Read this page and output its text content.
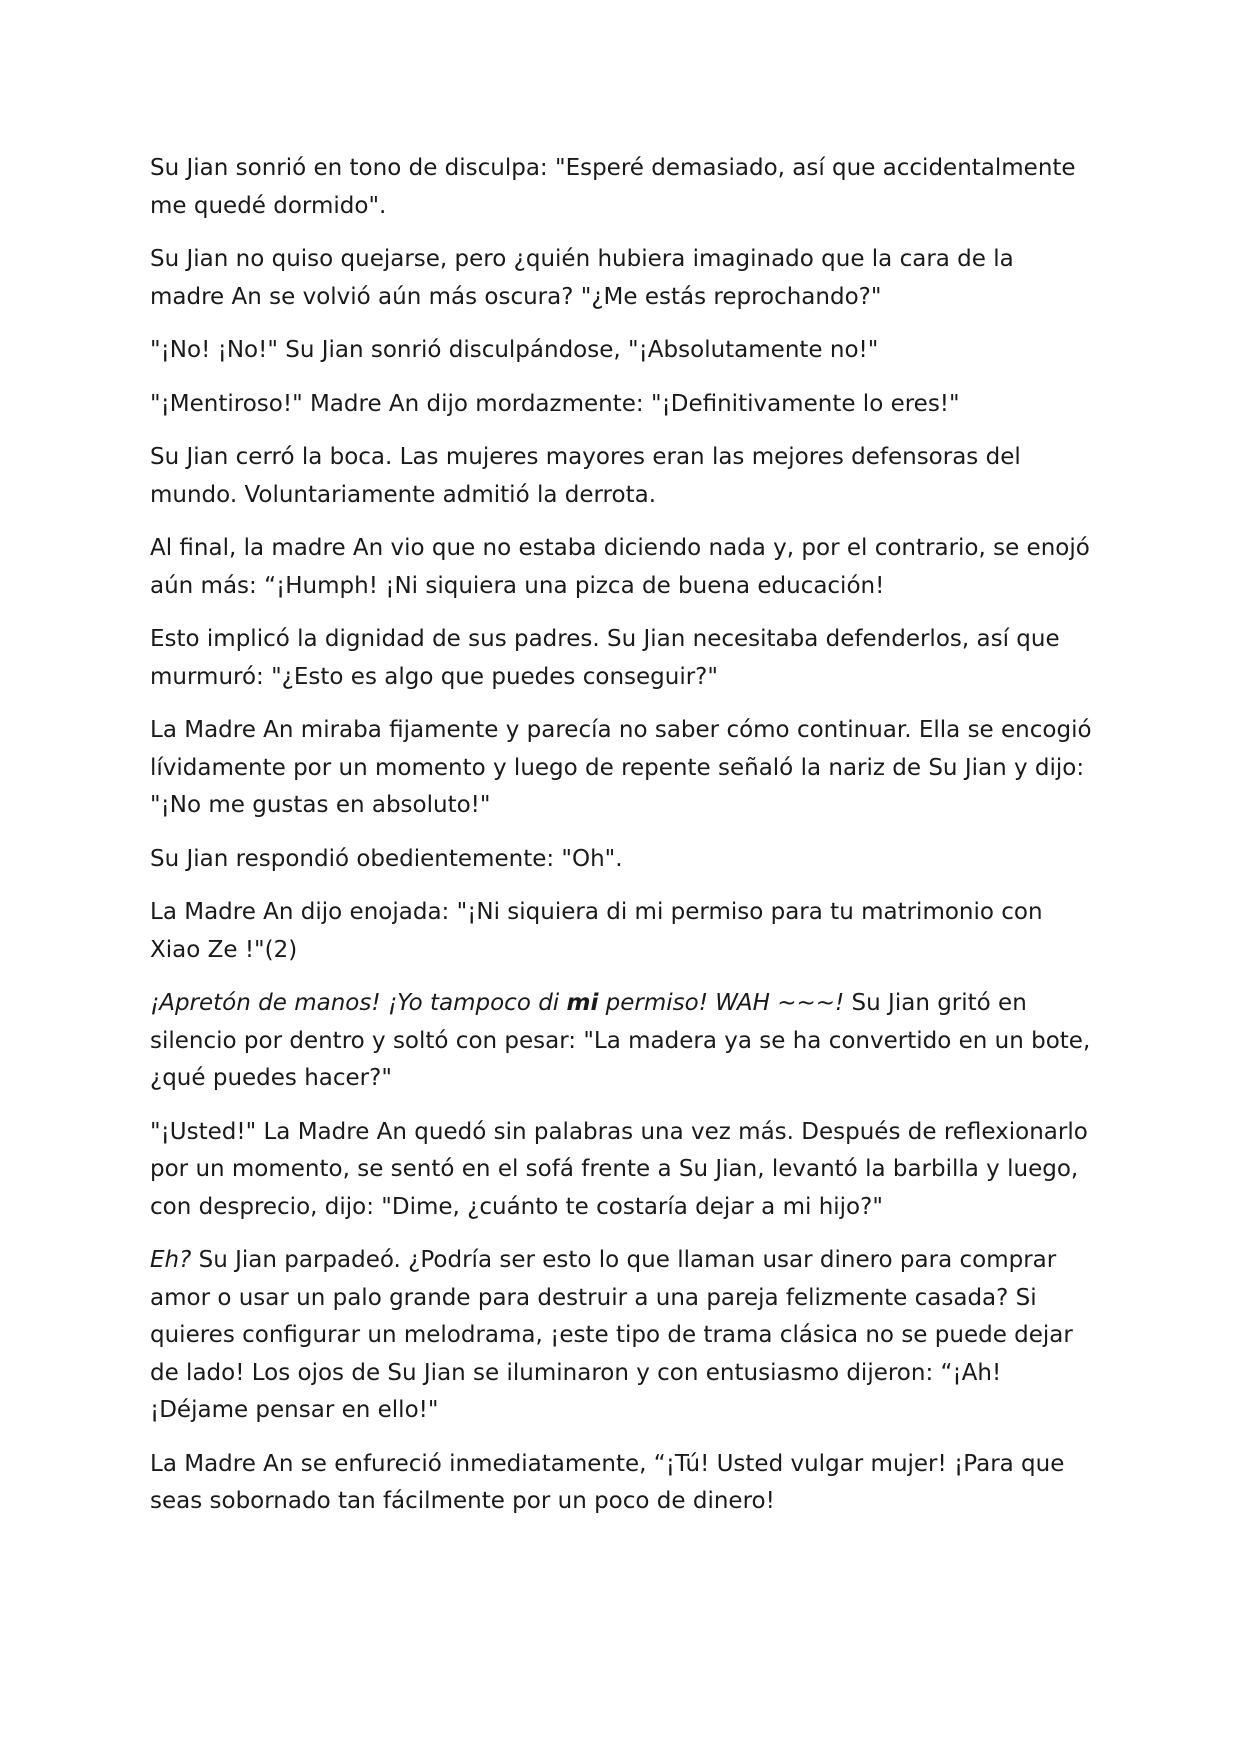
Su Jian sonrió en tono de disculpa: "Esperé demasiado, así que accidentalmente me quedé dormido".

Su Jian no quiso quejarse, pero ¿quién hubiera imaginado que la cara de la madre An se volvió aún más oscura? "¿Me estás reprochando?"

"¡No! ¡No!" Su Jian sonrió disculpándose, "¡Absolutamente no!"

"¡Mentiroso!" Madre An dijo mordazmente: "¡Definitivamente lo eres!"

Su Jian cerró la boca. Las mujeres mayores eran las mejores defensoras del mundo. Voluntariamente admitió la derrota.

Al final, la madre An vio que no estaba diciendo nada y, por el contrario, se enojó aún más: “¡Humph! ¡Ni siquiera una pizca de buena educación!

Esto implicó la dignidad de sus padres. Su Jian necesitaba defenderlos, así que murmuró: "¿Esto es algo que puedes conseguir?"

La Madre An miraba fijamente y parecía no saber cómo continuar. Ella se encogió lívidamente por un momento y luego de repente señaló la nariz de Su Jian y dijo: "¡No me gustas en absoluto!"

Su Jian respondió obedientemente: "Oh".

La Madre An dijo enojada: "¡Ni siquiera di mi permiso para tu matrimonio con Xiao Ze !"(2)

¡Apretón de manos! ¡Yo tampoco di mi permiso! WAH ~~~! Su Jian gritó en silencio por dentro y soltó con pesar: "La madera ya se ha convertido en un bote, ¿qué puedes hacer?"

"¡Usted!" La Madre An quedó sin palabras una vez más. Después de reflexionarlo por un momento, se sentó en el sofá frente a Su Jian, levantó la barbilla y luego, con desprecio, dijo: "Dime, ¿cuánto te costaría dejar a mi hijo?"

Eh? Su Jian parpadeó. ¿Podría ser esto lo que llaman usar dinero para comprar amor o usar un palo grande para destruir a una pareja felizmente casada? Si quieres configurar un melodrama, ¡este tipo de trama clásica no se puede dejar de lado! Los ojos de Su Jian se iluminaron y con entusiasmo dijeron: “¡Ah! ¡Déjame pensar en ello!"

La Madre An se enfureció inmediatamente, “¡Tú! Usted vulgar mujer! ¡Para que seas sobornado tan fácilmente por un poco de dinero!
